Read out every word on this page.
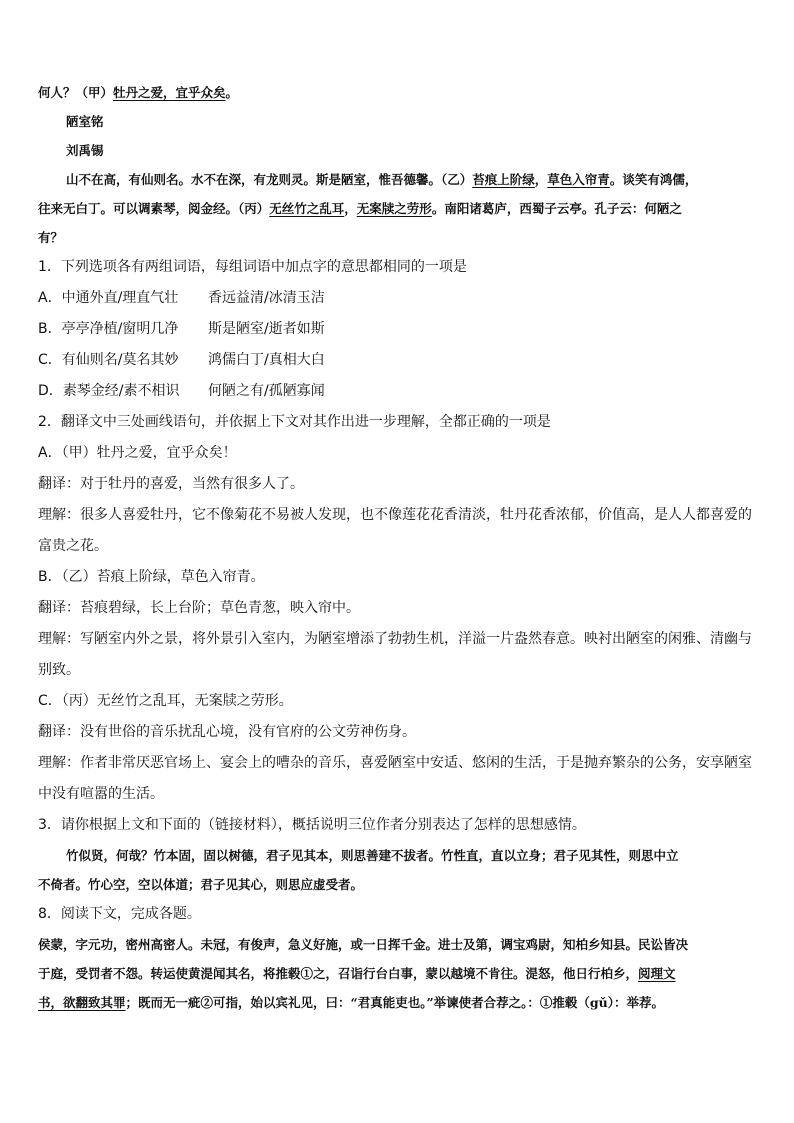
何人？（甲）牡丹之爱，宜乎众矣。
陋室铭
刘禹锡
山不在高，有仙则名。水不在深，有龙则灵。斯是陋室，惟吾德馨。（乙）苔痕上阶绿，草色入帘青。谈笑有鸿儒，
往来无白丁。可以调素琴，阅金经。（丙）无丝竹之乱耳，无案牍之劳形。南阳诸葛庐，西蜀子云亭。孔子云：何陋之
有？
1．下列选项各有两组词语，每组词语中加点字的意思都相同的一项是
A．中通外直/理直气壮 香远益清/冰清玉洁
B．亭亭净植/窗明几净 斯是陋室/逝者如斯
C．有仙则名/莫名其妙 鸿儒白丁/真相大白
D．素琴金经/素不相识 何陋之有/孤陋寡闻
2．翻译文中三处画线语句，并依据上下文对其作出进一步理解，全都正确的一项是
A．（甲）牡丹之爱，宜乎众矣！
翻译：对于牡丹的喜爱，当然有很多人了。
理解：很多人喜爱牡丹，它不像菊花不易被人发现，也不像莲花花香清淡，牡丹花香浓郁，价值高，是人人都喜爱的
富贵之花。
B．（乙）苔痕上阶绿，草色入帘青。
翻译：苔痕碧绿，长上台阶；草色青葱，映入帘中。
理解：写陋室内外之景，将外景引入室内，为陋室增添了勃勃生机，洋溢一片盎然春意。映衬出陋室的闲雅、清幽与
别致。
C．（丙）无丝竹之乱耳，无案牍之劳形。
翻译：没有世俗的音乐扰乱心境，没有官府的公文劳神伤身。
理解：作者非常厌恶官场上、宴会上的嘈杂的音乐，喜爱陋室中安适、悠闲的生活，于是抛弃繁杂的公务，安享陋室
中没有喧嚣的生活。
3．请你根据上文和下面的（链接材料），概括说明三位作者分别表达了怎样的思想感情。
竹似贤，何哉？竹本固，固以树德，君子见其本，则思善建不拔者。竹性直，直以立身；君子见其性，则思中立
不倚者。竹心空，空以体道；君子见其心，则思应虚受者。
8．阅读下文，完成各题。
侯蒙，字元功，密州高密人。未冠，有俊声，急义好施，或一日挥千金。进士及第，调宝鸡尉，知柏乡知县。民讼皆决
于庭，受罚者不怨。转运使黄湜闻其名，将推毂①之，召诣行台白事，蒙以越境不肯往。湜怒，他日行柏乡，阅理文
书，欲翻致其罪；既而无一疵②可指，始以宾礼见，曰：“君真能吏也。”举谏使者合荐之。：①推毂（gǔ）：举荐。
